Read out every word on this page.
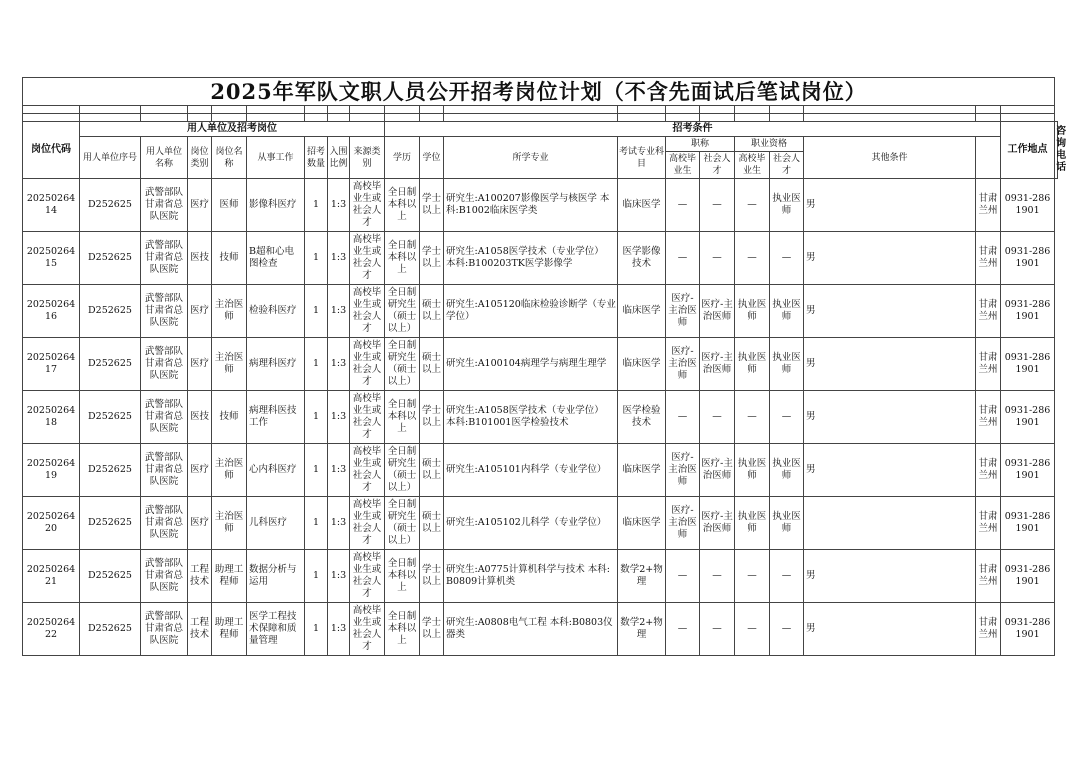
2025年军队文职人员公开招考岗位计划（不含先面试后笔试岗位）																				

岗位代码	用人单位及招考岗位								招考条件										工作地点	咨询电话
	用人单位序号	用人单位名称	岗位类别	岗位名称	从事工作	招考数量	入围比例	来源类别	学历	学位	所学专业	考试专业科目	职称		职业资格		其他条件			
													高校毕业生	社会人才	高校毕业生	社会人才				
2025026414	D252625	武警部队甘肃省总队医院	医疗	医师	影像科医疗	1	1:3	高校毕业生或社会人才	全日制本科以上	学士以上	研究生:A100207影像医学与核医学 本科:B1002临床医学类	临床医学	—	—	—	执业医师	男	甘肃兰州	0931-2861901	
2025026415	D252625	武警部队甘肃省总队医院	医技	技师	B超和心电图检查	1	1:3	高校毕业生或社会人才	全日制本科以上	学士以上	研究生:A1058医学技术（专业学位） 本科:B100203TK医学影像学	医学影像技术	—	—	—	—	男	甘肃兰州	0931-2861901	
2025026416	D252625	武警部队甘肃省总队医院	医疗	主治医师	检验科医疗	1	1:3	高校毕业生或社会人才	全日制研究生（硕士以上）	硕士以上	研究生:A105120临床检验诊断学（专业学位）	临床医学	医疗-主治医师	医疗-主治医师	执业医师	执业医师	男	甘肃兰州	0931-2861901	
2025026417	D252625	武警部队甘肃省总队医院	医疗	主治医师	病理科医疗	1	1:3	高校毕业生或社会人才	全日制研究生（硕士以上）	硕士以上	研究生:A100104病理学与病理生理学	临床医学	医疗-主治医师	医疗-主治医师	执业医师	执业医师	男	甘肃兰州	0931-2861901	
2025026418	D252625	武警部队甘肃省总队医院	医技	技师	病理科医技工作	1	1:3	高校毕业生或社会人才	全日制本科以上	学士以上	研究生:A1058医学技术（专业学位） 本科:B101001医学检验技术	医学检验技术	—	—	—	—	男	甘肃兰州	0931-2861901	
2025026419	D252625	武警部队甘肃省总队医院	医疗	主治医师	心内科医疗	1	1:3	高校毕业生或社会人才	全日制研究生（硕士以上）	硕士以上	研究生:A105101内科学（专业学位）	临床医学	医疗-主治医师	医疗-主治医师	执业医师	执业医师	男	甘肃兰州	0931-2861901	
2025026420	D252625	武警部队甘肃省总队医院	医疗	主治医师	儿科医疗	1	1:3	高校毕业生或社会人才	全日制研究生（硕士以上）	硕士以上	研究生:A105102儿科学（专业学位）	临床医学	医疗-主治医师	医疗-主治医师	执业医师	执业医师		甘肃兰州	0931-2861901	
2025026421	D252625	武警部队甘肃省总队医院	工程技术	助理工程师	数据分析与运用	1	1:3	高校毕业生或社会人才	全日制本科以上	学士以上	研究生:A0775计算机科学与技术 本科:B0809计算机类	数学2+物理	—	—	—	—	男	甘肃兰州	0931-2861901	
2025026422	D252625	武警部队甘肃省总队医院	工程技术	助理工程师	医学工程技术保障和质量管理	1	1:3	高校毕业生或社会人才	全日制本科以上	学士以上	研究生:A0808电气工程 本科:B0803仪器类	数学2+物理	—	—	—	—	男	甘肃兰州	0931-2861901	
